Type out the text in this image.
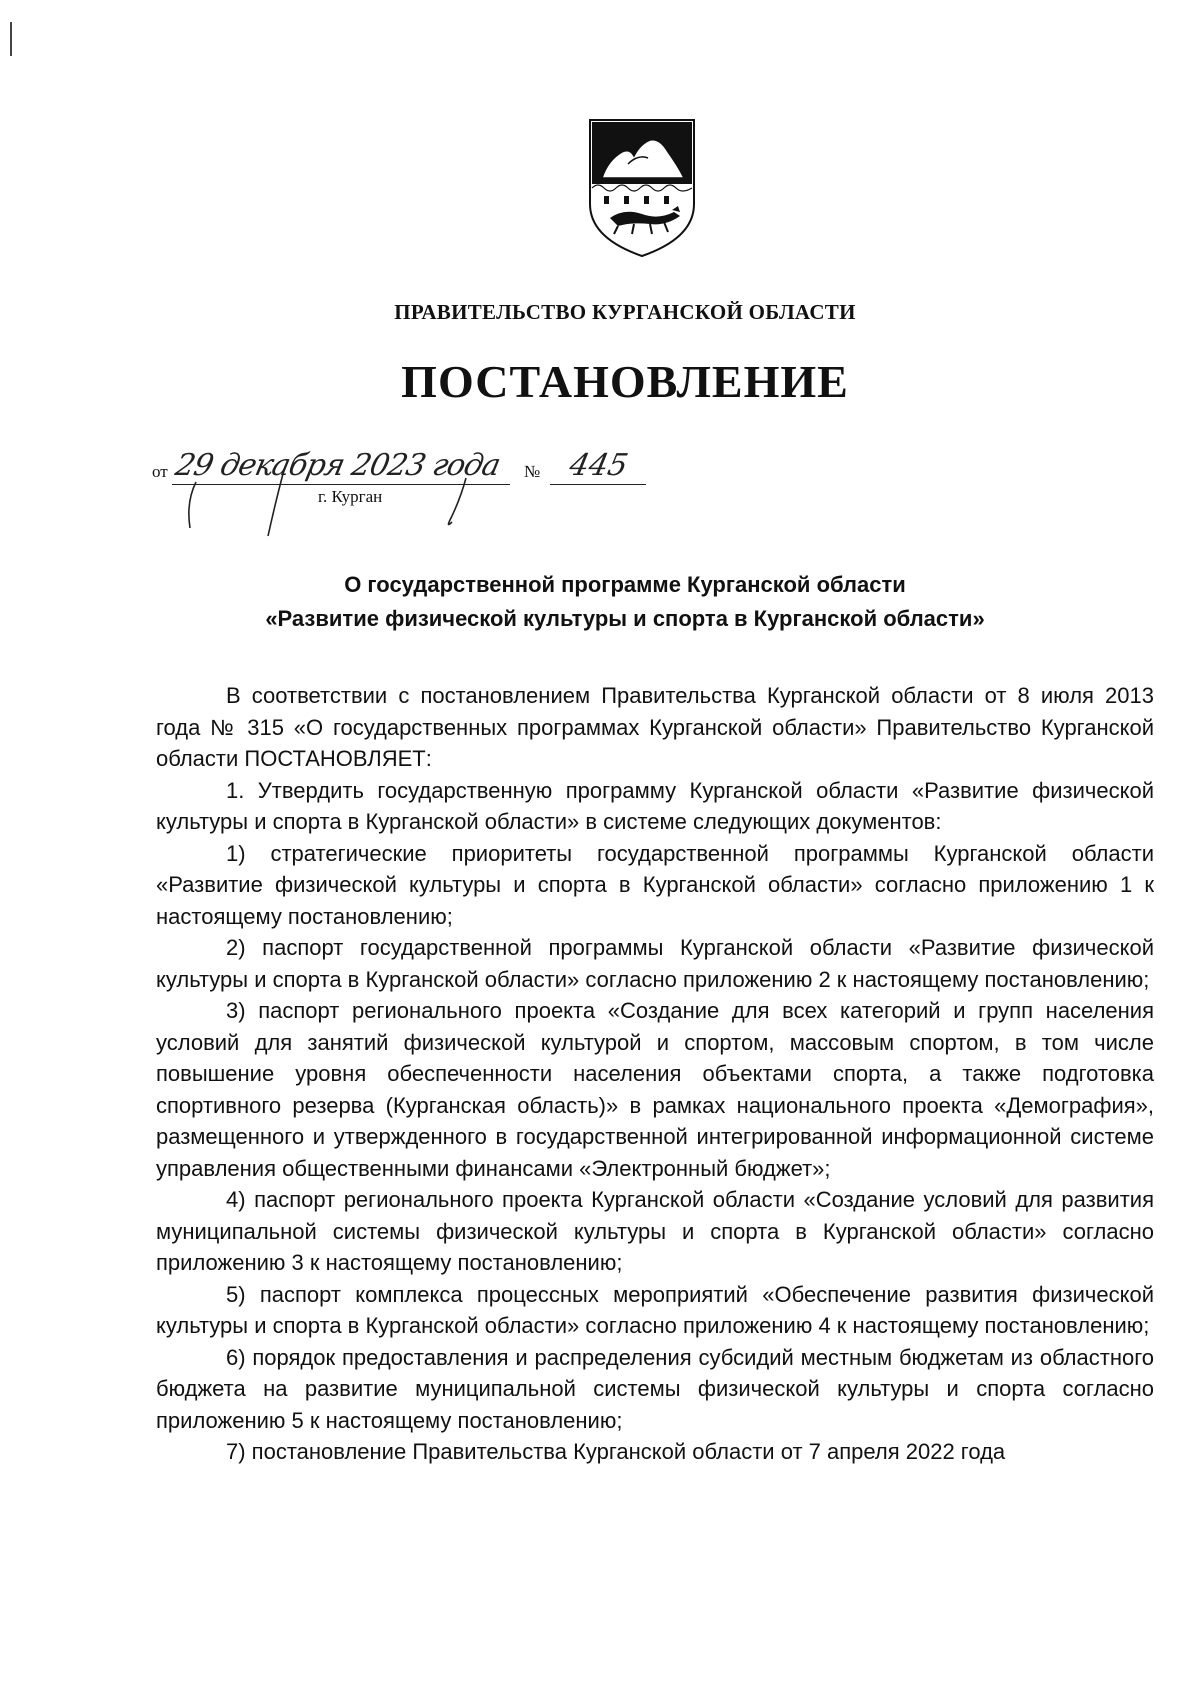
ПРАВИТЕЛЬСТВО КУРГАНСКОЙ ОБЛАСТИ
ПОСТАНОВЛЕНИЕ
от 29 декабря 2023 года № 445
г. Курган
О государственной программе Курганской области
«Развитие физической культуры и спорта в Курганской области»

В соответствии с постановлением Правительства Курганской области от 8 июля 2013 года № 315 «О государственных программах Курганской области» Правительство Курганской области ПОСТАНОВЛЯЕТ:

1. Утвердить государственную программу Курганской области «Развитие физической культуры и спорта в Курганской области» в системе следующих документов:

1) стратегические приоритеты государственной программы Курганской области «Развитие физической культуры и спорта в Курганской области» согласно приложению 1 к настоящему постановлению;

2) паспорт государственной программы Курганской области «Развитие физической культуры и спорта в Курганской области» согласно приложению 2 к настоящему постановлению;

3) паспорт регионального проекта «Создание для всех категорий и групп населения условий для занятий физической культурой и спортом, массовым спортом, в том числе повышение уровня обеспеченности населения объектами спорта, а также подготовка спортивного резерва (Курганская область)» в рамках национального проекта «Демография», размещенного и утвержденного в государственной интегрированной информационной системе управления общественными финансами «Электронный бюджет»;

4) паспорт регионального проекта Курганской области «Создание условий для развития муниципальной системы физической культуры и спорта в Курганской области» согласно приложению 3 к настоящему постановлению;

5) паспорт комплекса процессных мероприятий «Обеспечение развития физической культуры и спорта в Курганской области» согласно приложению 4 к настоящему постановлению;

6) порядок предоставления и распределения субсидий местным бюджетам из областного бюджета на развитие муниципальной системы физической культуры и спорта согласно приложению 5 к настоящему постановлению;

7) постановление Правительства Курганской области от 7 апреля 2022 года
